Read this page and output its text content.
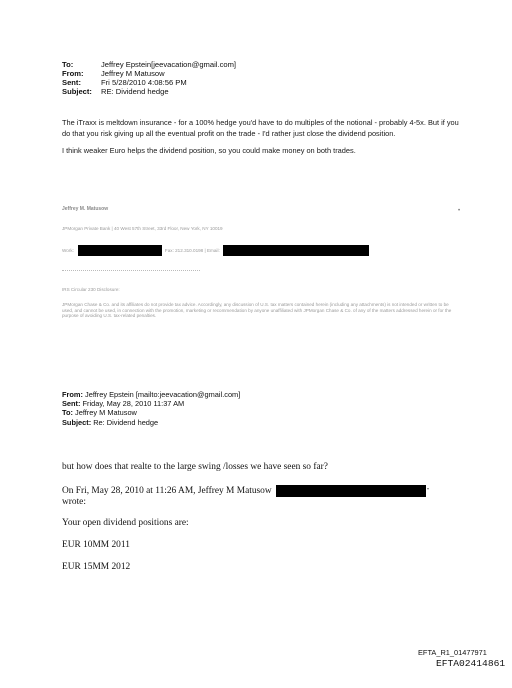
To:	Jeffrey Epstein[jeevacation@gmail.com]
From:	Jeffrey M Matusow
Sent:	Fri 5/28/2010 4:08:56 PM
Subject:	RE: Dividend hedge

The iTraxx is meltdown insurance - for a 100% hedge you'd have to do multiples of the notional - probably 4-5x. But if you do that you risk giving up all the eventual profit on the trade - I'd rather just close the dividend position.

I think weaker Euro helps the dividend position, so you could make money on both trades.

Jeffrey M. Matusow	•
JPMorgan Private Bank | 40 West 57th Street, 33rd Floor, New York, NY 10019
Work:	Fax: 212.310.0198 | Email:
IRS Circular 230 Disclosure:
JPMorgan Chase & Co. and its affiliates do not provide tax advice. Accordingly, any discussion of U.S. tax matters contained herein (including any attachments) is not intended or written to be used, and cannot be used, in connection with the promotion, marketing or recommendation by anyone unaffiliated with JPMorgan Chase & Co. of any of the matters addressed herein or for the purpose of avoiding U.S. tax-related penalties.
From: Jeffrey Epstein [mailto:jeevacation@gmail.com]
Sent: Friday, May 28, 2010 11:37 AM
To: Jeffrey M Matusow
Subject: Re: Dividend hedge
but how does that realte to the large swing /losses we have seen so far?
On Fri, May 28, 2010 at 11:26 AM, Jeffrey M Matusow	"
wrote:
Your open dividend positions are:
EUR 10MM 2011
EUR 15MM 2012
EFTA_R1_01477971
EFTA02414861
